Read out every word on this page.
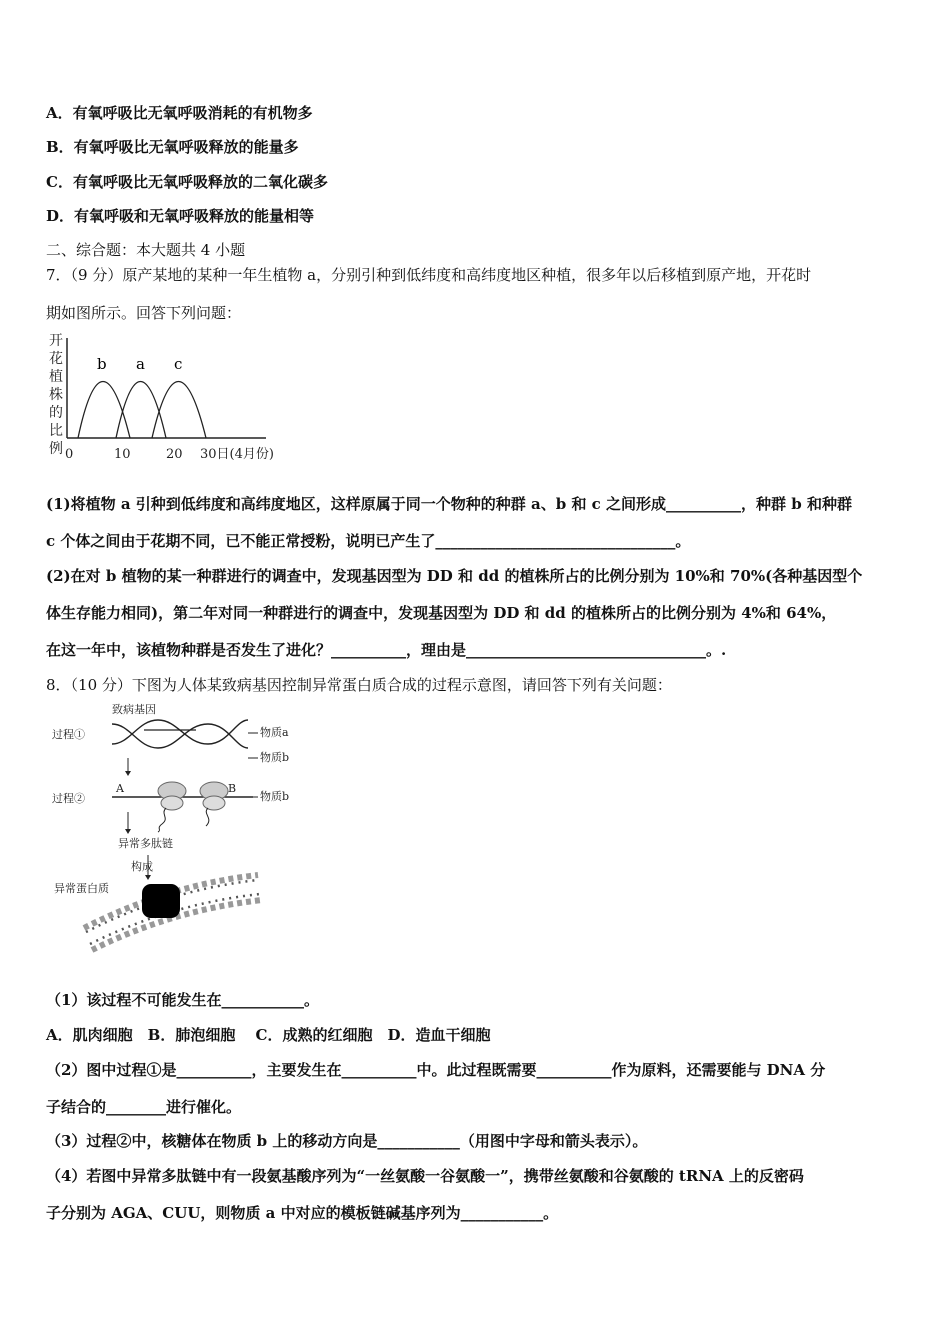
A．有氧呼吸比无氧呼吸消耗的有机物多
B．有氧呼吸比无氧呼吸释放的能量多
C．有氧呼吸比无氧呼吸释放的二氧化碳多
D．有氧呼吸和无氧呼吸释放的能量相等
二、综合题：本大题共 4 小题
7．（9 分）原产某地的某种一年生植物 a，分别引种到低纬度和高纬度地区种植，很多年以后移植到原产地，开花时
期如图所示。回答下列问题：
开
花
植
株
的
比
例
b a c
0	10	20 30日(4月份)
(1)将植物 a 引种到低纬度和高纬度地区，这样原属于同一个物种的种群 a、b 和 c 之间形成__________，种群 b 和种群
c 个体之间由于花期不同，已不能正常授粉，说明已产生了________________________________。
(2)在对 b 植物的某一种群进行的调查中，发现基因型为 DD 和 dd 的植株所占的比例分别为 10%和 70%(各种基因型个
体生存能力相同)，第二年对同一种群进行的调查中，发现基因型为 DD 和 dd 的植株所占的比例分别为 4%和 64%，
在这一年中，该植物种群是否发生了进化？__________，理由是________________________________。.
8．（10 分）下图为人体某致病基因控制异常蛋白质合成的过程示意图，请回答下列有关问题：
致病基因
过程①	物质a
物质b
过程②
A	B
物质b
异常多肽链
构成
异常蛋白质
（1）该过程不可能发生在___________。
A．肌肉细胞　B．肺泡细胞　 C．成熟的红细胞　D．造血干细胞
（2）图中过程①是__________，主要发生在__________中。此过程既需要__________作为原料，还需要能与 DNA 分
子结合的________进行催化。
（3）过程②中，核糖体在物质 b 上的移动方向是___________（用图中字母和箭头表示）。
（4）若图中异常多肽链中有一段氨基酸序列为“一丝氨酸一谷氨酸一”，携带丝氨酸和谷氨酸的 tRNA 上的反密码
子分别为 AGA、CUU，则物质 a 中对应的模板链碱基序列为___________。
